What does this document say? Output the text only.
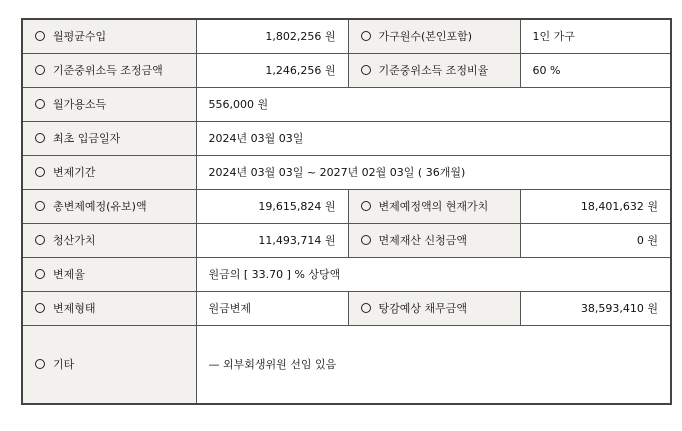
월평균수입	1,802,256 원	가구원수(본인포함)	1인 가구
기준중위소득 조정금액	1,246,256 원	기준중위소득 조정비율	60 %
월가용소득	556,000 원		
최초 입금일자	2024년 03월 03일		
변제기간	2024년 03월 03일 ~ 2027년 02월 03일 ( 36개월)		
총변제예정(유보)액	19,615,824 원	변제예정액의 현재가치	18,401,632 원
청산가치	11,493,714 원	면제재산 신청금액	0 원
변제율	원금의 [ 33.70 ] % 상당액		
변제형태	원금변제	탕감예상 채무금액	38,593,410 원
기타	— 외부회생위원 선임 있음		
